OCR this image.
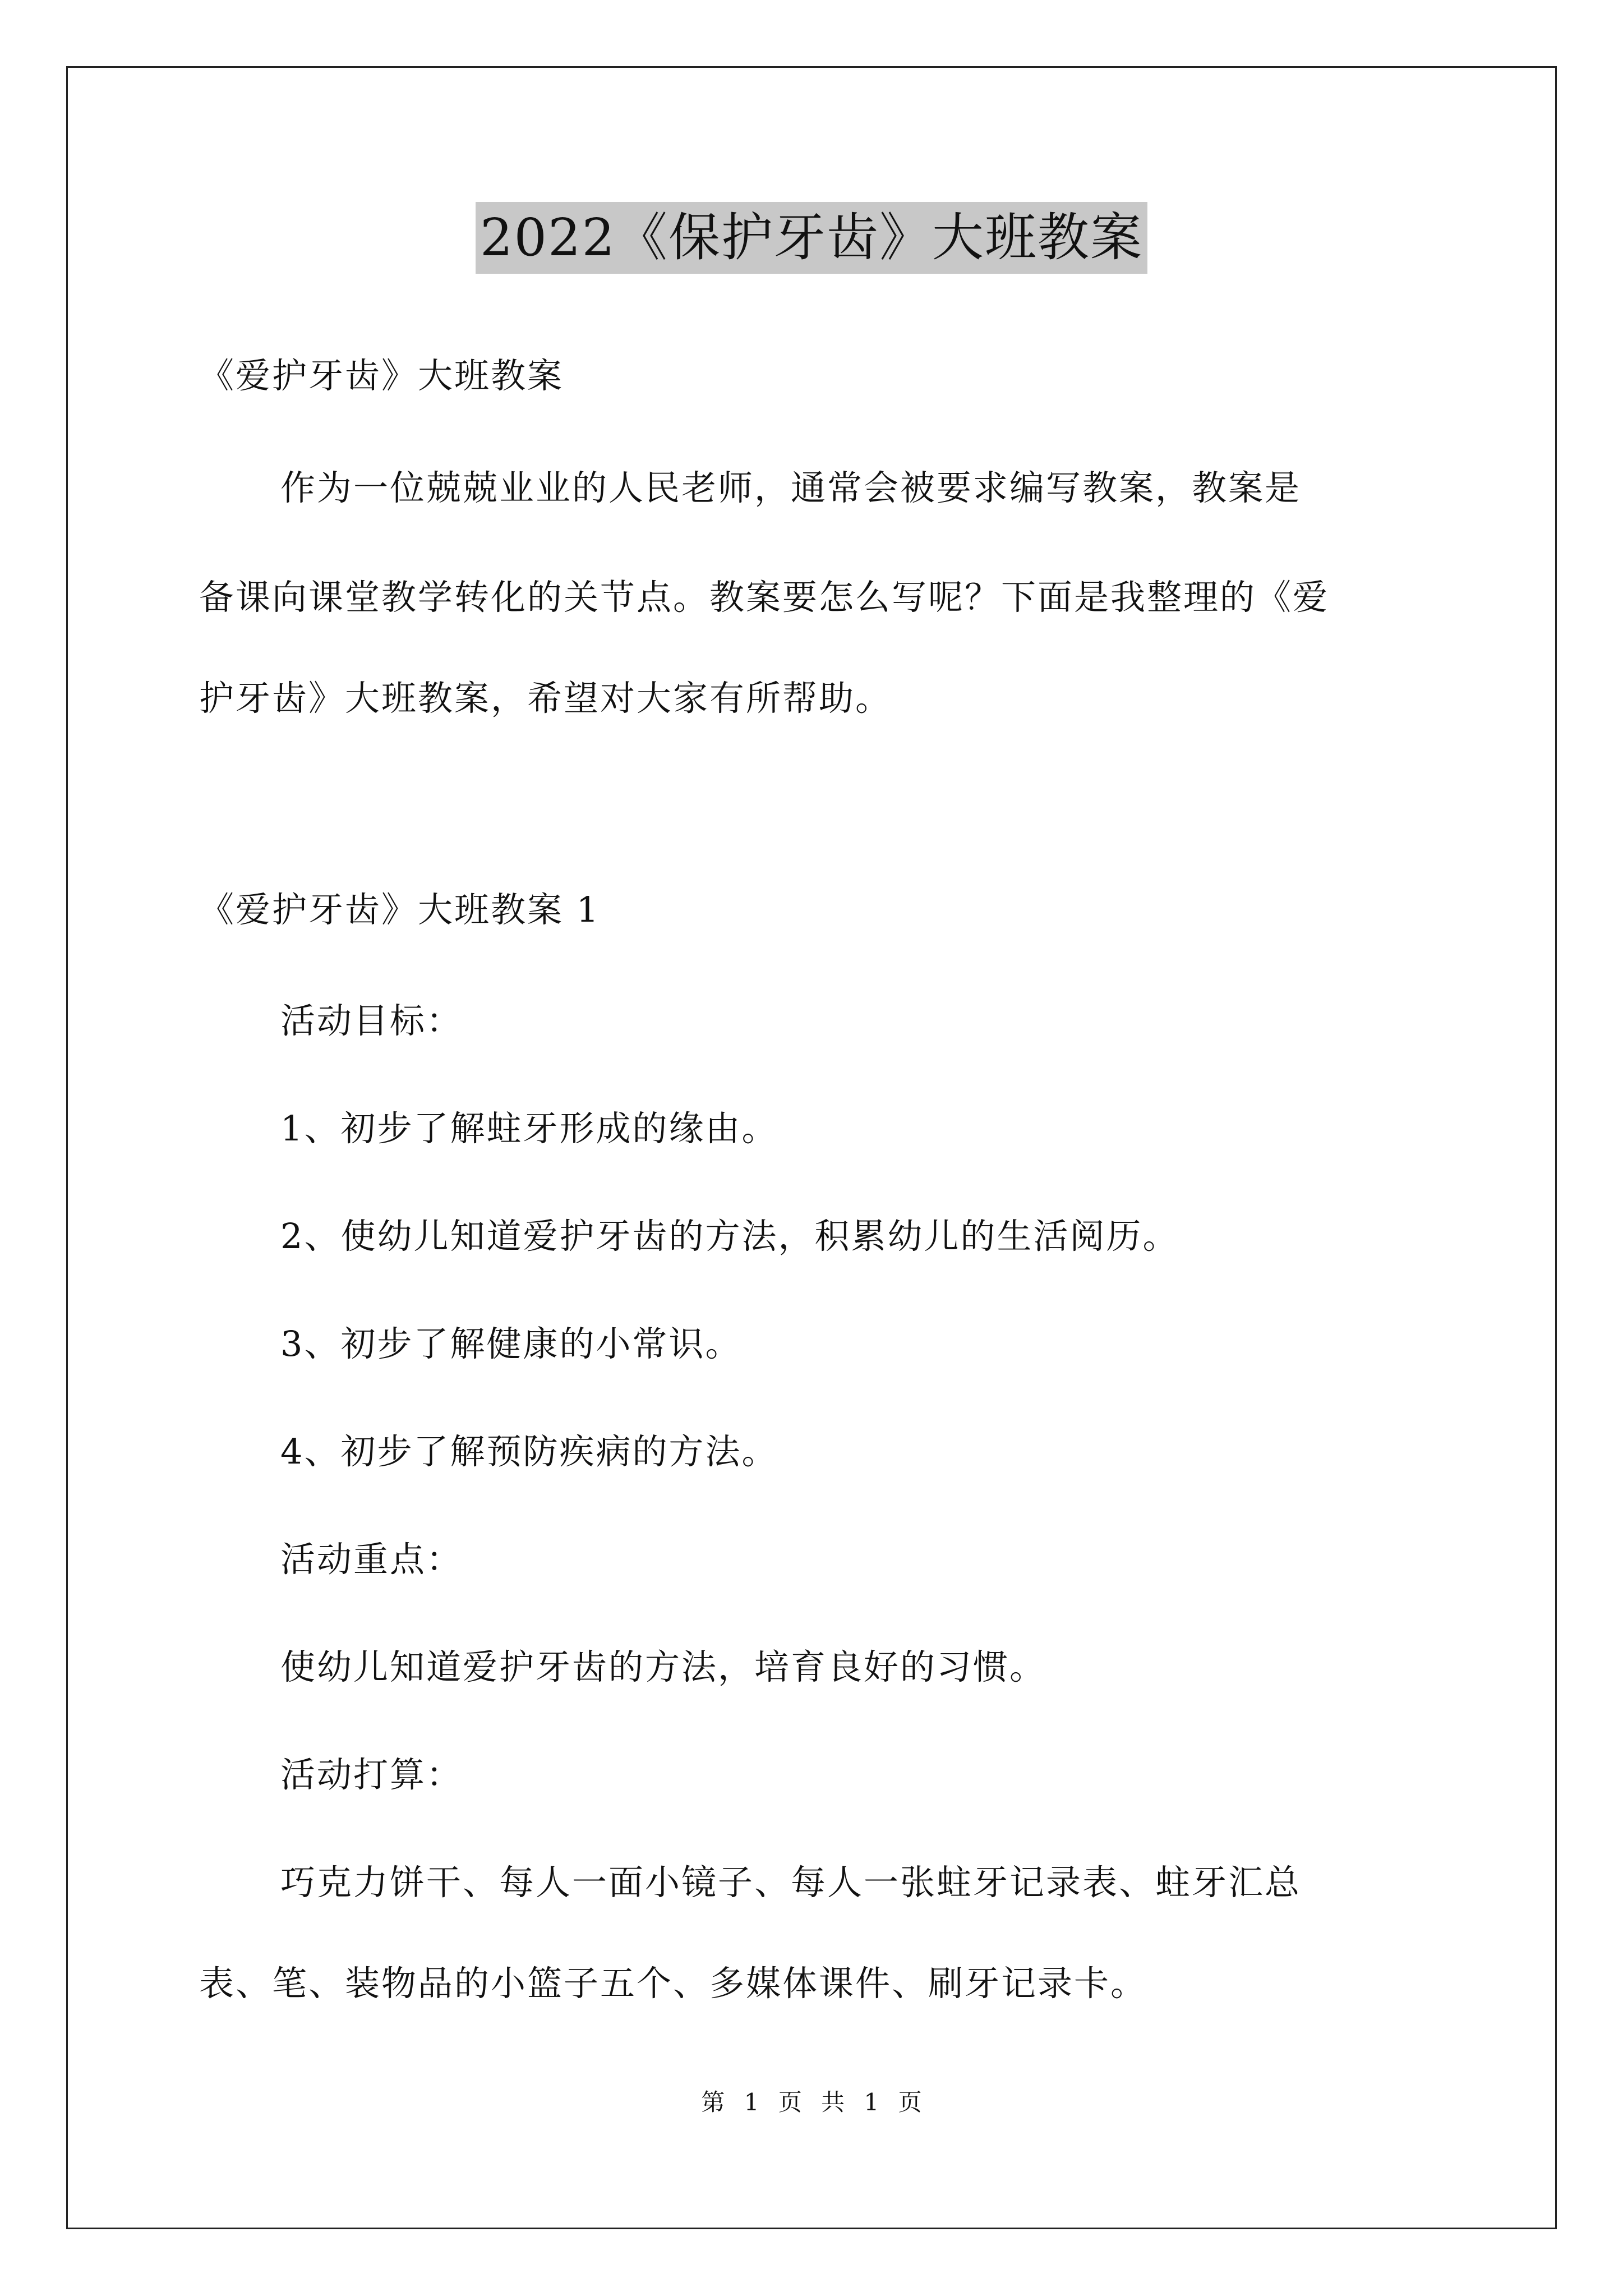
2022《保护牙齿》大班教案
《爱护牙齿》大班教案
作为一位兢兢业业的人民老师，通常会被要求编写教案，教案是
备课向课堂教学转化的关节点。教案要怎么写呢？下面是我整理的《爱
护牙齿》大班教案，希望对大家有所帮助。
《爱护牙齿》大班教案 1
活动目标：
1、初步了解蛀牙形成的缘由。
2、使幼儿知道爱护牙齿的方法，积累幼儿的生活阅历。
3、初步了解健康的小常识。
4、初步了解预防疾病的方法。
活动重点：
使幼儿知道爱护牙齿的方法，培育良好的习惯。
活动打算：
巧克力饼干、每人一面小镜子、每人一张蛀牙记录表、蛀牙汇总
表、笔、装物品的小篮子五个、多媒体课件、刷牙记录卡。
第 1 页 共 1 页
